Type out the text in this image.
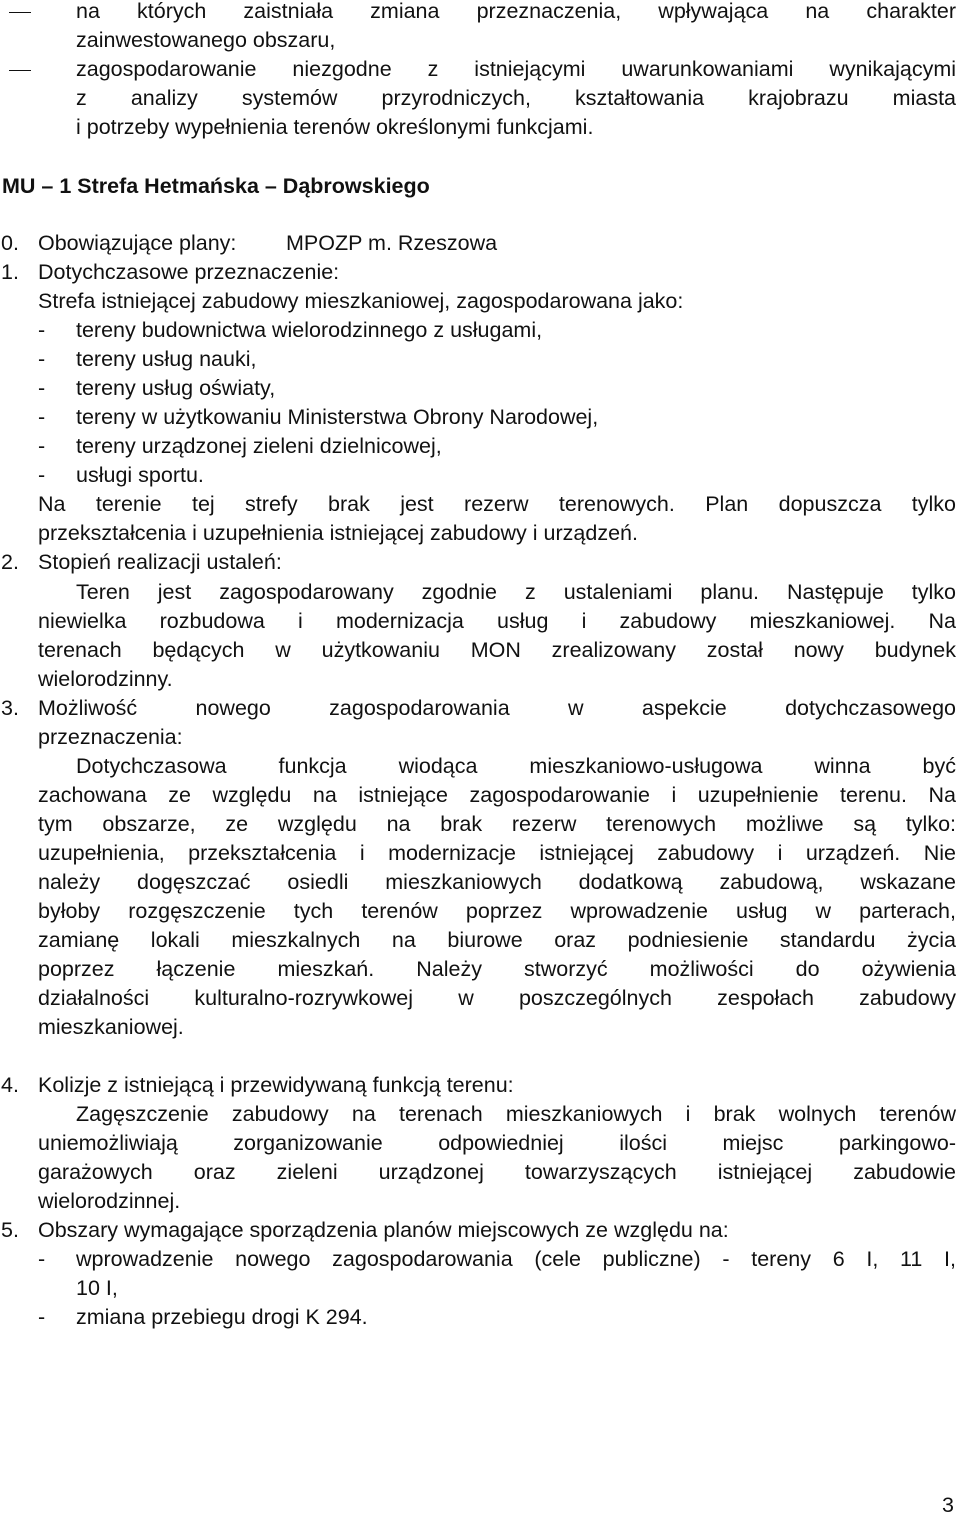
na których zaistniała zmiana przeznaczenia, wpływająca na charakter
zainwestowanego obszaru,
zagospodarowanie niezgodne z istniejącymi uwarunkowaniami wynikającymi
z analizy systemów przyrodniczych, kształtowania krajobrazu miasta
i potrzeby wypełnienia terenów określonymi funkcjami.
MU – 1 Strefa Hetmańska – Dąbrowskiego
0. Obowiązujące plany: MPOZP m. Rzeszowa
1. Dotychczasowe przeznaczenie:
Strefa istniejącej zabudowy mieszkaniowej, zagospodarowana jako:
- tereny budownictwa wielorodzinnego z usługami,
- tereny usług nauki,
- tereny usług oświaty,
- tereny w użytkowaniu Ministerstwa Obrony Narodowej,
- tereny urządzonej zieleni dzielnicowej,
- usługi sportu.
Na terenie tej strefy brak jest rezerw terenowych. Plan dopuszcza tylko
przekształcenia i uzupełnienia istniejącej zabudowy i urządzeń.
2. Stopień realizacji ustaleń:
Teren jest zagospodarowany zgodnie z ustaleniami planu. Następuje tylko
niewielka rozbudowa i modernizacja usług i zabudowy mieszkaniowej. Na
terenach będących w użytkowaniu MON zrealizowany został nowy budynek
wielorodzinny.
3. Możliwość nowego zagospodarowania w aspekcie dotychczasowego
przeznaczenia:
Dotychczasowa funkcja wiodąca mieszkaniowo-usługowa winna być
zachowana ze względu na istniejące zagospodarowanie i uzupełnienie terenu. Na
tym obszarze, ze względu na brak rezerw terenowych możliwe są tylko:
uzupełnienia, przekształcenia i modernizacje istniejącej zabudowy i urządzeń. Nie
należy dogęszczać osiedli mieszkaniowych dodatkową zabudową, wskazane
byłoby rozgęszczenie tych terenów poprzez wprowadzenie usług w parterach,
zamianę lokali mieszkalnych na biurowe oraz podniesienie standardu życia
poprzez łączenie mieszkań. Należy stworzyć możliwości do ożywienia
działalności kulturalno-rozrywkowej w poszczególnych zespołach zabudowy
mieszkaniowej.
4. Kolizje z istniejącą i przewidywaną funkcją terenu:
Zagęszczenie zabudowy na terenach mieszkaniowych i brak wolnych terenów
uniemożliwiają zorganizowanie odpowiedniej ilości miejsc parkingowo-
garażowych oraz zieleni urządzonej towarzyszących istniejącej zabudowie
wielorodzinnej.
5. Obszary wymagające sporządzenia planów miejscowych ze względu na:
- wprowadzenie nowego zagospodarowania (cele publiczne) - tereny 6 I, 11 I,
10 I,
- zmiana przebiegu drogi K 294.
3
